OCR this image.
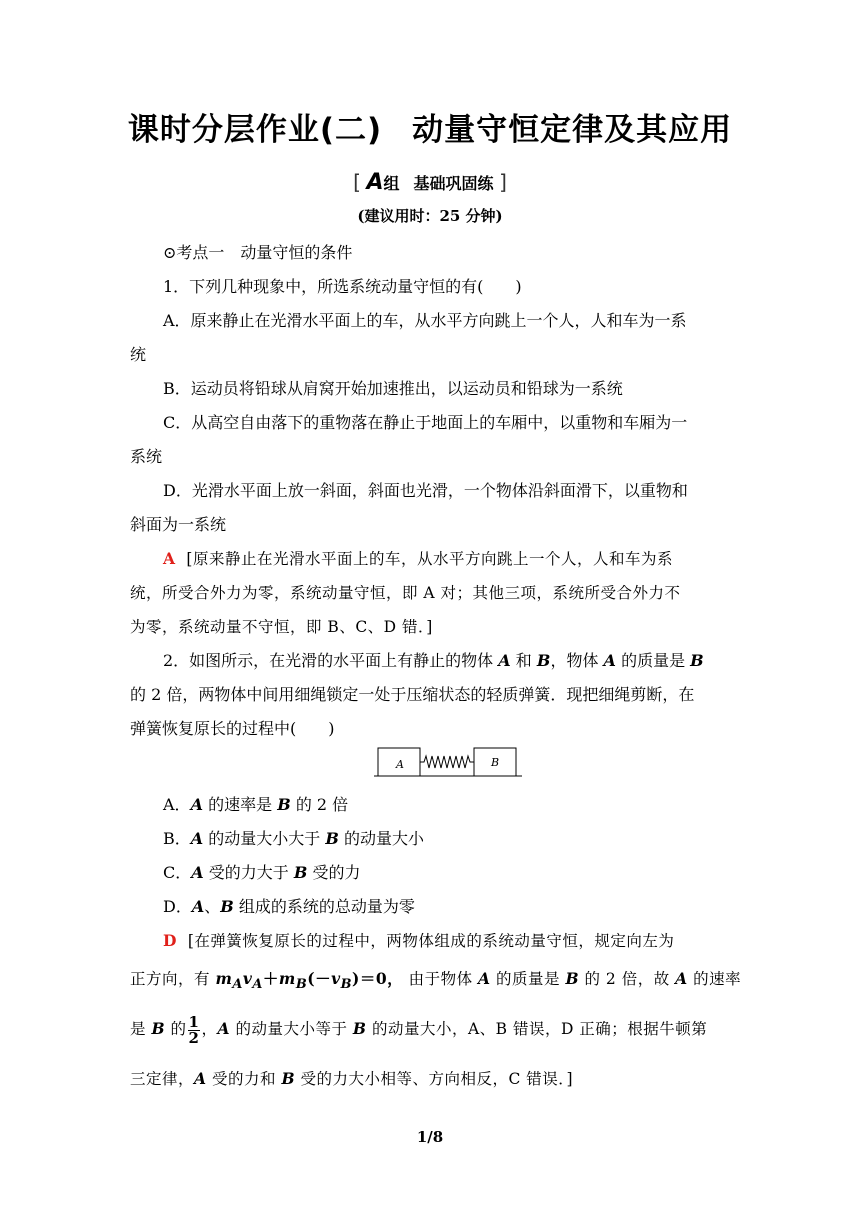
课时分层作业(二) 动量守恒定律及其应用
[ A组 基础巩固练 ]
(建议用时：25 分钟)
⊙考点一　动量守恒的条件
1．下列几种现象中，所选系统动量守恒的有(　　)
A．原来静止在光滑水平面上的车，从水平方向跳上一个人，人和车为一系
统
B．运动员将铅球从肩窝开始加速推出，以运动员和铅球为一系统
C．从高空自由落下的重物落在静止于地面上的车厢中，以重物和车厢为一
系统
D．光滑水平面上放一斜面，斜面也光滑，一个物体沿斜面滑下，以重物和
斜面为一系统
A [原来静止在光滑水平面上的车，从水平方向跳上一个人，人和车为系
统，所受合外力为零，系统动量守恒，即 A 对；其他三项，系统所受合外力不
为零，系统动量不守恒，即 B、C、D 错．]
2．如图所示，在光滑的水平面上有静止的物体 A 和 B，物体 A 的质量是 B
的 2 倍，两物体中间用细绳锁定一处于压缩状态的轻质弹簧．现把细绳剪断，在
弹簧恢复原长的过程中(　　)
A	B
A．A 的速率是 B 的 2 倍
B．A 的动量大小大于 B 的动量大小
C．A 受的力大于 B 受的力
D．A、B 组成的系统的总动量为零
D [在弹簧恢复原长的过程中，两物体组成的系统动量守恒，规定向左为
正方向，有 $m_Av_A+m_B(-v_B)=0$， 由于物体 A 的质量是 B 的 2 倍，故 A 的速率
是 B 的 $\frac{1}{2}$ ，A 的动量大小等于 B 的动量大小，A、B 错误，D 正确；根据牛顿第
三定律，A 受的力和 B 受的力大小相等、方向相反，C 错误．]
1/8
